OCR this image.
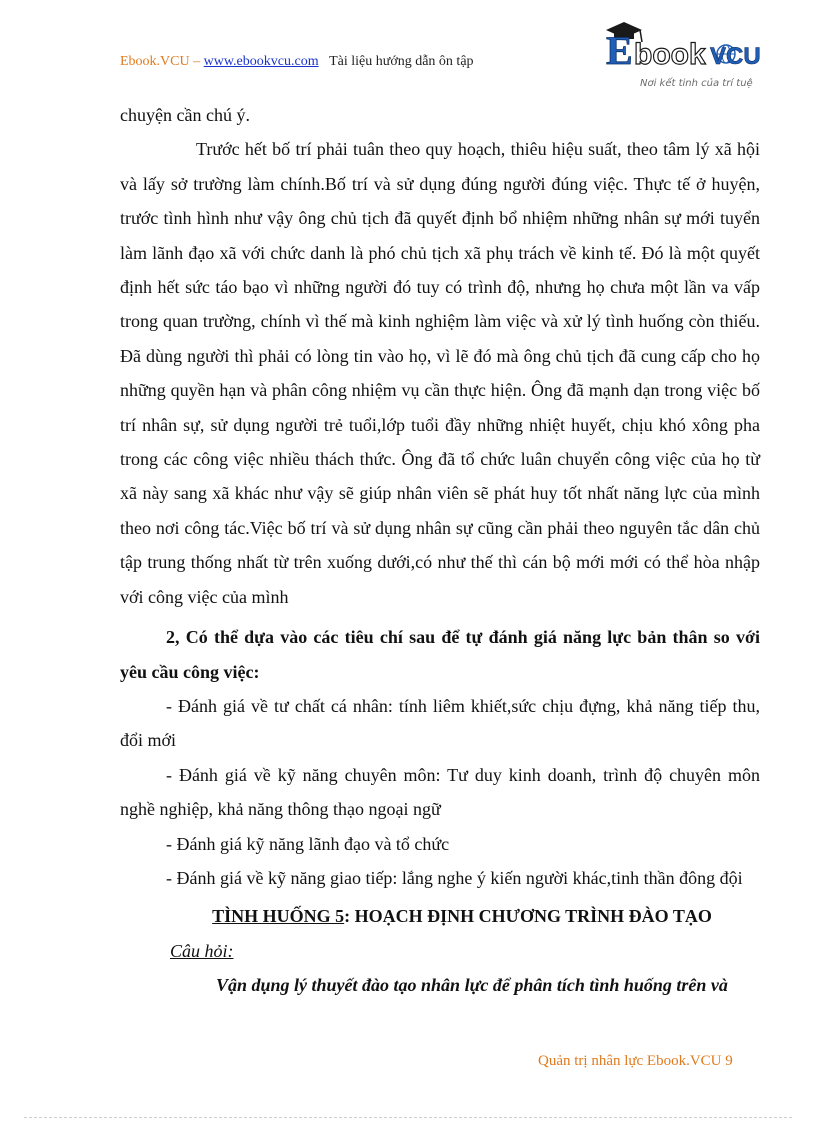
Ebook.VCU – www.ebookvcu.com Tài liệu hướng dẫn ôn tập	E book VCU
Nơi kết tinh của trí tuệ

chuyện cần chú ý.

Trước hết bố trí phải tuân theo quy hoạch, thiêu hiệu suất, theo tâm lý xã hội và lấy sở trường làm chính.Bố trí và sử dụng đúng người đúng việc. Thực tế ở huyện, trước tình hình như vậy ông chủ tịch đã quyết định bổ nhiệm những nhân sự mới tuyển làm lãnh đạo xã với chức danh là phó chủ tịch xã phụ trách về kinh tế. Đó là một quyết định hết sức táo bạo vì những người đó tuy có trình độ, nhưng họ chưa một lần va vấp trong quan trường, chính vì thế mà kinh nghiệm làm việc và xử lý tình huống còn thiếu. Đã dùng người thì phải có lòng tin vào họ, vì lẽ đó mà ông chủ tịch đã cung cấp cho họ những quyền hạn và phân công nhiệm vụ cần thực hiện. Ông đã mạnh dạn trong việc bố trí nhân sự, sử dụng người trẻ tuổi,lớp tuổi đầy những nhiệt huyết, chịu khó xông pha trong các công việc nhiều thách thức. Ông đã tổ chức luân chuyển công việc của họ từ xã này sang xã khác như vậy sẽ giúp nhân viên sẽ phát huy tốt nhất năng lực của mình theo nơi công tác.Việc bố trí và sử dụng nhân sự cũng cần phải theo nguyên tắc dân chủ tập trung thống nhất từ trên xuống dưới,có như thế thì cán bộ mới mới có thể hòa nhập với công việc của mình

2, Có thể dựa vào các tiêu chí sau để tự đánh giá năng lực bản thân so với yêu cầu công việc:

- Đánh giá về tư chất cá nhân: tính liêm khiết,sức chịu đựng, khả năng tiếp thu, đổi mới

- Đánh giá về kỹ năng chuyên môn: Tư duy kinh doanh, trình độ chuyên môn nghề nghiệp, khả năng thông thạo ngoại ngữ

- Đánh giá kỹ năng lãnh đạo và tổ chức

- Đánh giá về kỹ năng giao tiếp: lắng nghe ý kiến người khác,tinh thần đông đội

TÌNH HUỐNG 5: HOẠCH ĐỊNH CHƯƠNG TRÌNH ĐÀO TẠO

Câu hỏi:

Vận dụng lý thuyết đào tạo nhân lực để phân tích tình huống trên và

Quản trị nhân lực Ebook.VCU 9
